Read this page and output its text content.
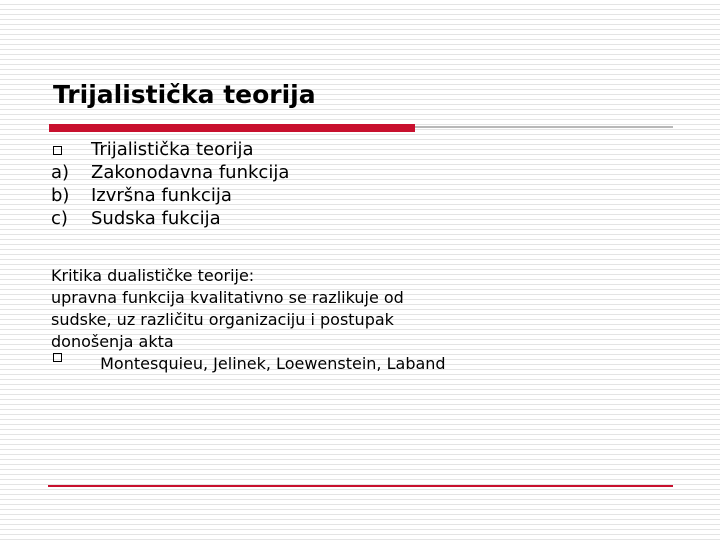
Trijalistička teorija
Trijalistička teorija
a)	Zakonodavna funkcija
b)	Izvršna funkcija
c)	Sudska fukcija
Kritika dualističke teorije:
upravna funkcija kvalitativno se razlikuje od
sudske, uz različitu organizaciju i postupak
donošenja akta
Montesquieu, Jelinek, Loewenstein, Laband
